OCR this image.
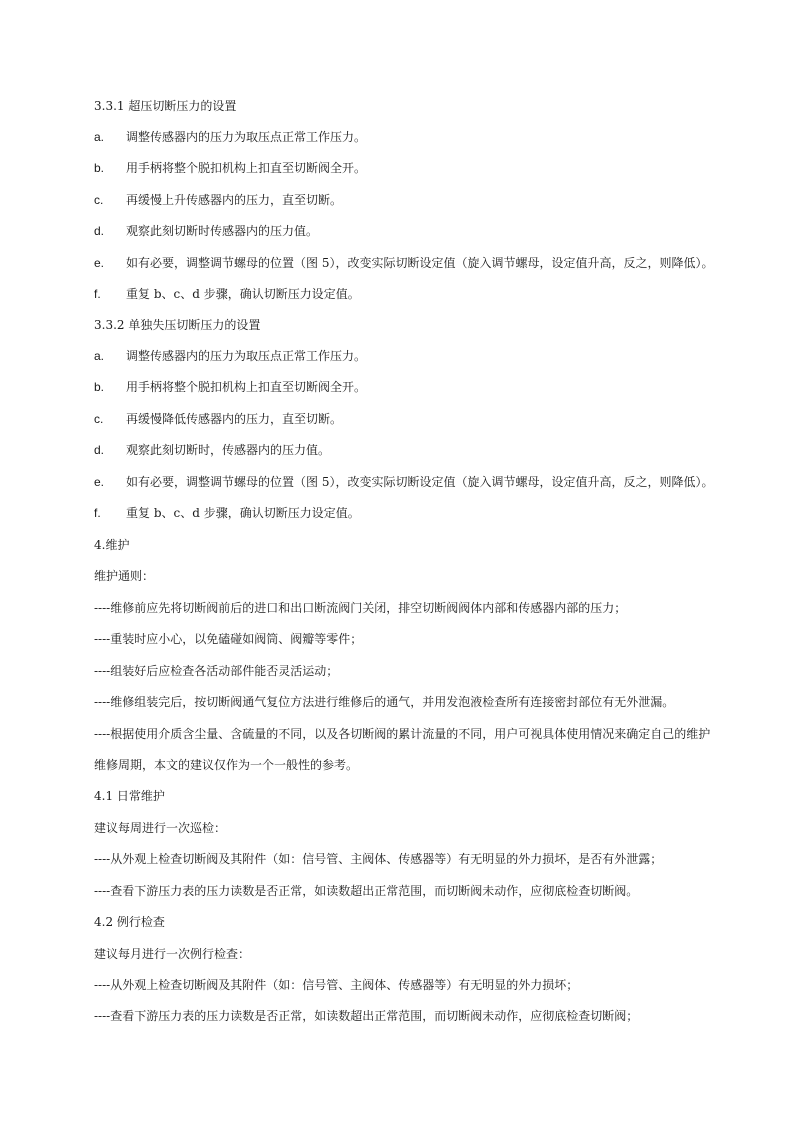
3.3.1 超压切断压力的设置
a. 调整传感器内的压力为取压点正常工作压力。
b. 用手柄将整个脱扣机构上扣直至切断阀全开。
c. 再缓慢上升传感器内的压力，直至切断。
d. 观察此刻切断时传感器内的压力值。
e. 如有必要，调整调节螺母的位置（图 5），改变实际切断设定值（旋入调节螺母，设定值升高，反之，则降低）。
f. 重复 b、c、d 步骤，确认切断压力设定值。
3.3.2 单独失压切断压力的设置
a. 调整传感器内的压力为取压点正常工作压力。
b. 用手柄将整个脱扣机构上扣直至切断阀全开。
c. 再缓慢降低传感器内的压力，直至切断。
d. 观察此刻切断时，传感器内的压力值。
e. 如有必要，调整调节螺母的位置（图 5），改变实际切断设定值（旋入调节螺母，设定值升高，反之，则降低）。
f. 重复 b、c、d 步骤，确认切断压力设定值。
4.维护
维护通则：
----维修前应先将切断阀前后的进口和出口断流阀门关闭，排空切断阀阀体内部和传感器内部的压力；
----重装时应小心，以免磕碰如阀筒、阀瓣等零件；
----组装好后应检查各活动部件能否灵活运动；
----维修组装完后，按切断阀通气复位方法进行维修后的通气，并用发泡液检查所有连接密封部位有无外泄漏。
----根据使用介质含尘量、含硫量的不同，以及各切断阀的累计流量的不同，用户可视具体使用情况来确定自己的维护
维修周期，本文的建议仅作为一个一般性的参考。
4.1 日常维护
建议每周进行一次巡检：
----从外观上检查切断阀及其附件（如：信号管、主阀体、传感器等）有无明显的外力损坏，是否有外泄露；
----查看下游压力表的压力读数是否正常，如读数超出正常范围，而切断阀未动作，应彻底检查切断阀。
4.2 例行检查
建议每月进行一次例行检查：
----从外观上检查切断阀及其附件（如：信号管、主阀体、传感器等）有无明显的外力损坏；
----查看下游压力表的压力读数是否正常，如读数超出正常范围，而切断阀未动作，应彻底检查切断阀；
